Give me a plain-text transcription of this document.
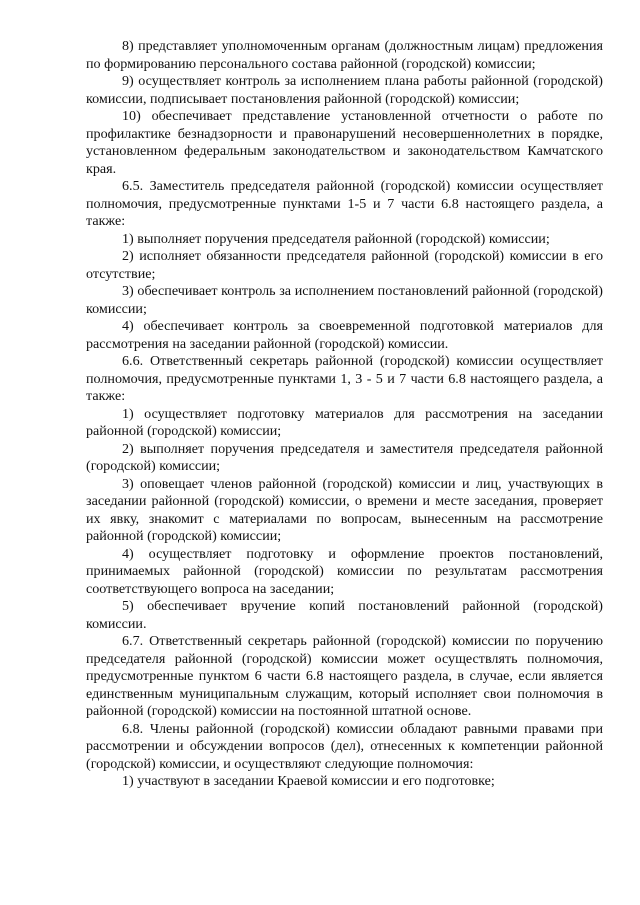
8) представляет уполномоченным органам (должностным лицам) предложения по формированию персонального состава районной (городской) комиссии;

9) осуществляет контроль за исполнением плана работы районной (городской) комиссии, подписывает постановления районной (городской) комиссии;

10) обеспечивает представление установленной отчетности о работе по профилактике безнадзорности и правонарушений несовершеннолетних в порядке, установленном федеральным законодательством и законодательством Камчатского края.

6.5. Заместитель председателя районной (городской) комиссии осуществляет полномочия, предусмотренные пунктами 1-5 и 7 части 6.8 настоящего раздела, а также:

1) выполняет поручения председателя районной (городской) комиссии;

2) исполняет обязанности председателя районной (городской) комиссии в его отсутствие;

3) обеспечивает контроль за исполнением постановлений районной (городской) комиссии;

4) обеспечивает контроль за своевременной подготовкой материалов для рассмотрения на заседании районной (городской) комиссии.

6.6. Ответственный секретарь районной (городской) комиссии осуществляет полномочия, предусмотренные пунктами 1, 3 - 5 и 7 части 6.8 настоящего раздела, а также:

1) осуществляет подготовку материалов для рассмотрения на заседании районной (городской) комиссии;

2) выполняет поручения председателя и заместителя председателя районной (городской) комиссии;

3) оповещает членов районной (городской) комиссии и лиц, участвующих в заседании районной (городской) комиссии, о времени и месте заседания, проверяет их явку, знакомит с материалами по вопросам, вынесенным на рассмотрение районной (городской) комиссии;

4) осуществляет подготовку и оформление проектов постановлений, принимаемых районной (городской) комиссии по результатам рассмотрения соответствующего вопроса на заседании;

5) обеспечивает вручение копий постановлений районной (городской) комиссии.

6.7. Ответственный секретарь районной (городской) комиссии по поручению председателя районной (городской) комиссии может осуществлять полномочия, предусмотренные пунктом 6 части 6.8 настоящего раздела, в случае, если является единственным муниципальным служащим, который исполняет свои полномочия в районной (городской) комиссии на постоянной штатной основе.

6.8. Члены районной (городской) комиссии обладают равными правами при рассмотрении и обсуждении вопросов (дел), отнесенных к компетенции районной (городской) комиссии, и осуществляют следующие полномочия:

1) участвуют в заседании Краевой комиссии и его подготовке;
